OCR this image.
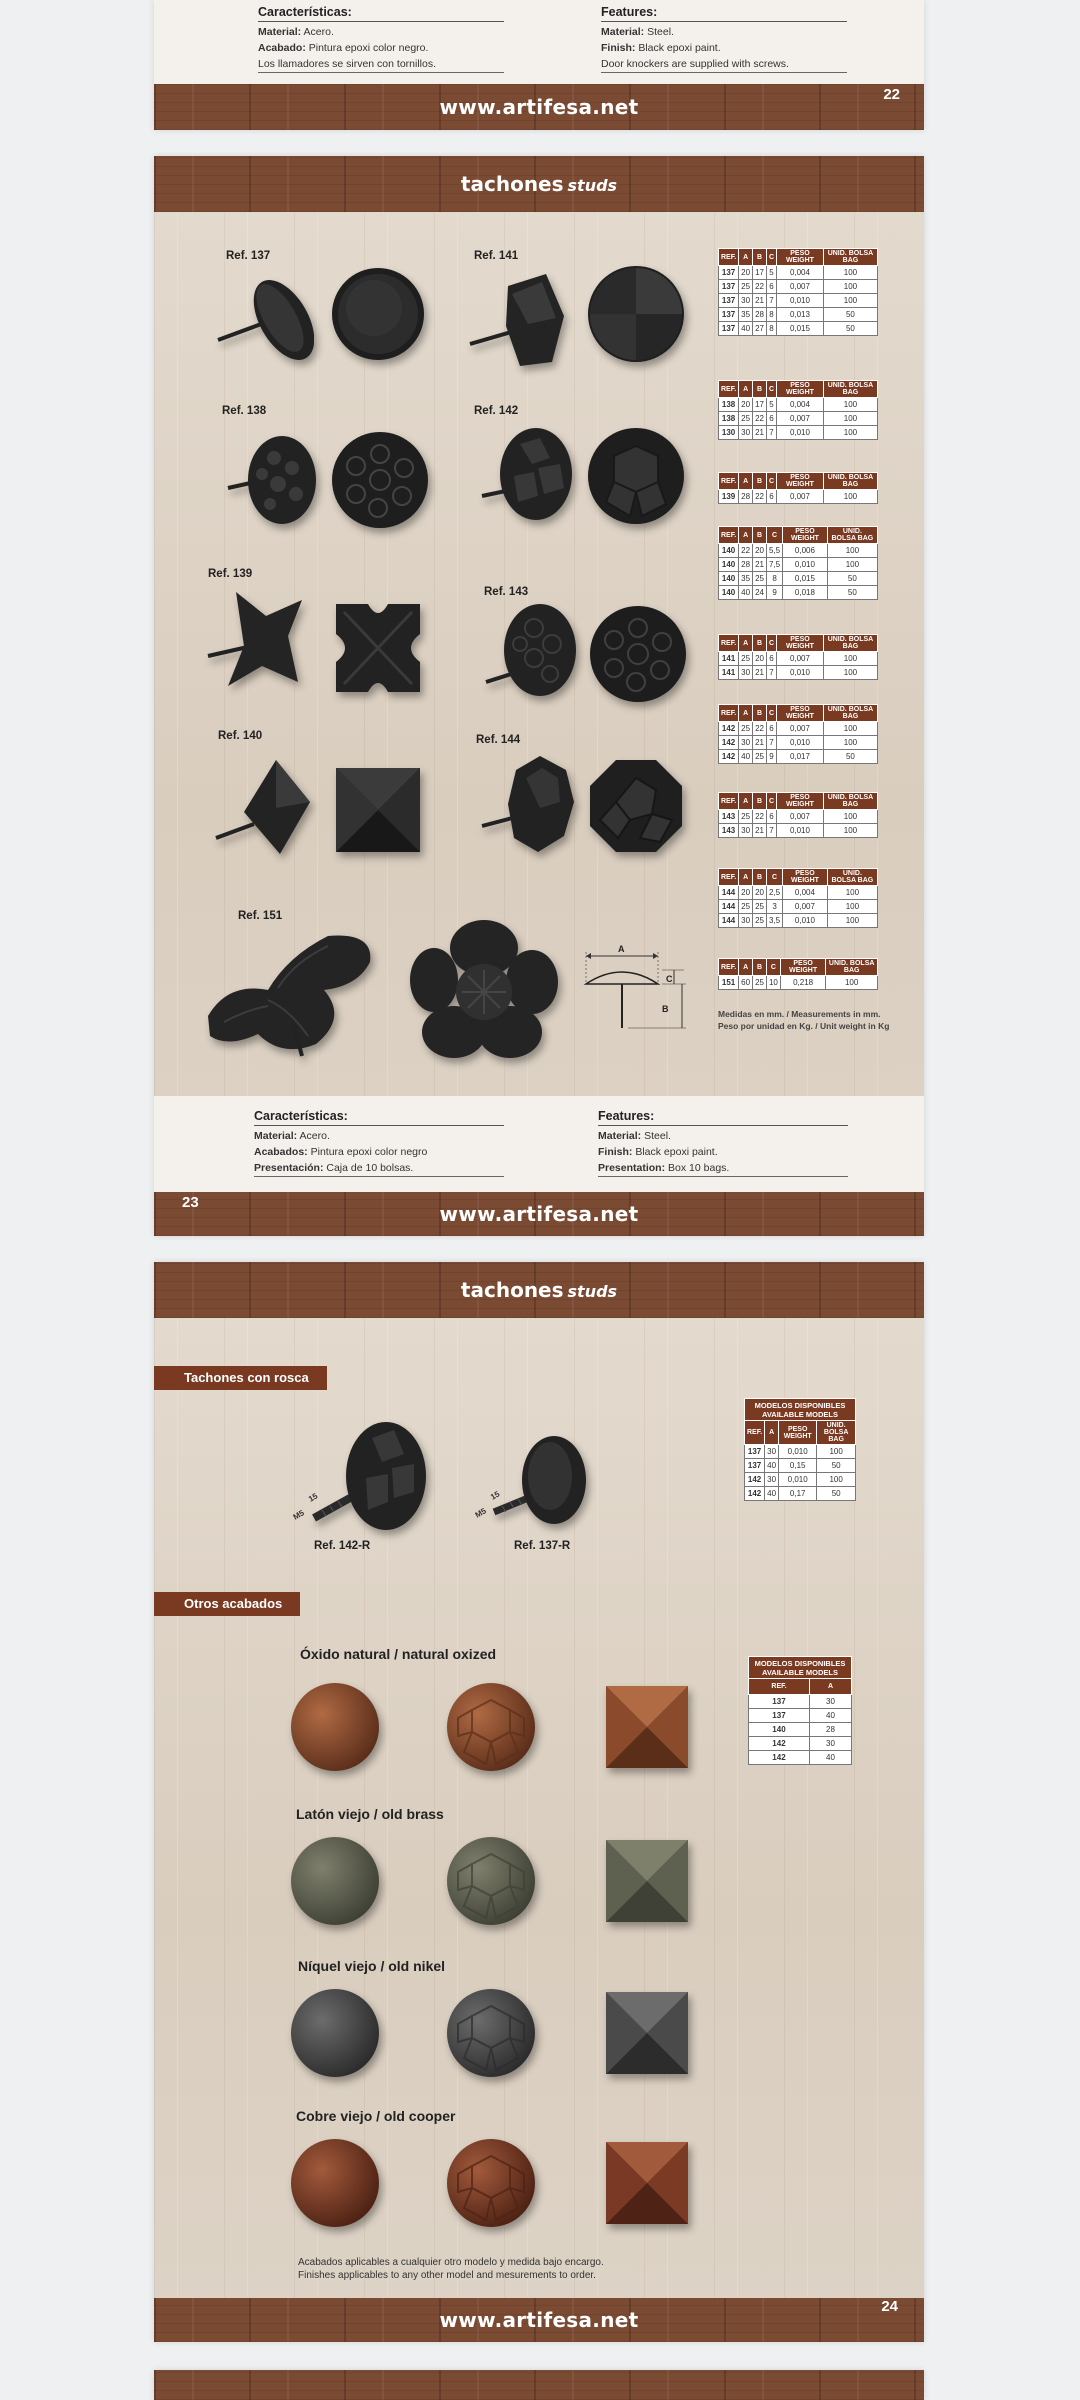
Características:
Material: Acero.
Acabado: Pintura epoxi color negro.
Los llamadores se sirven con tornillos.
Features:
Material: Steel.
Finish: Black epoxi paint.
Door knockers are supplied with screws.
www.artifesa.net
22
tachones studs
Ref. 137	Ref. 141
Ref. 138	Ref. 142
Ref. 139
Ref. 143
Ref. 140	Ref. 144
Ref. 151
A
C
B
REF.	A	B	C	PESO WEIGHT	UNID. BOLSA BAG
137	20	17	5	0,004	100
137	25	22	6	0,007	100
137	30	21	7	0,010	100
137	35	28	8	0,013	50
137	40	27	8	0,015	50
REF.	A	B	C	PESO WEIGHT	UNID. BOLSA BAG
138	20	17	5	0,004	100
138	25	22	6	0,007	100
130	30	21	7	0,010	100
REF.	A	B	C	PESO WEIGHT	UNID. BOLSA BAG
139	28	22	6	0,007	100
REF.	A	B	C	PESO WEIGHT	UNID. BOLSA BAG
140	22	20	5,5	0,006	100
140	28	21	7,5	0,010	100
140	35	25	8	0,015	50
140	40	24	9	0,018	50
REF.	A	B	C	PESO WEIGHT	UNID. BOLSA BAG
141	25	20	6	0,007	100
141	30	21	7	0,010	100
REF.	A	B	C	PESO WEIGHT	UNID. BOLSA BAG
142	25	22	6	0,007	100
142	30	21	7	0,010	100
142	40	25	9	0,017	50
REF.	A	B	C	PESO WEIGHT	UNID. BOLSA BAG
143	25	22	6	0,007	100
143	30	21	7	0,010	100
REF.	A	B	C	PESO WEIGHT	UNID. BOLSA BAG
144	20	20	2,5	0,004	100
144	25	25	3	0,007	100
144	30	25	3,5	0,010	100
REF.	A	B	C	PESO WEIGHT	UNID. BOLSA BAG
151	60	25	10	0,218	100
Medidas en mm. / Measurements in mm.
Peso por unidad en Kg. / Unit weight in Kg
Características:
Material: Acero.
Acabados: Pintura epoxi color negro
Presentación: Caja de 10 bolsas.
Features:
Material: Steel.
Finish: Black epoxi paint.
Presentation: Box 10 bags.
www.artifesa.net
23
tachones studs
Tachones con rosca
M5
15
Ref. 142-R
M5
15
Ref. 137-R
MODELOS DISPONIBLES
AVAILABLE MODELS			

REF.	A	PESO WEIGHT	UNID. BOLSA BAG
137	30	0,010	100
137	40	0,15	50
142	30	0,010	100
142	40	0,17	50
Otros acabados
MODELOS DISPONIBLES
AVAILABLE MODELS	

REF.	A
137	30
137	40
140	28
142	30
142	40
Óxido natural / natural oxized
Latón viejo / old brass
Níquel viejo / old nikel
Cobre viejo / old cooper
Acabados aplicables a cualquier otro modelo y medida bajo encargo.
Finishes applicables to any other model and mesurements to order.
www.artifesa.net
24
